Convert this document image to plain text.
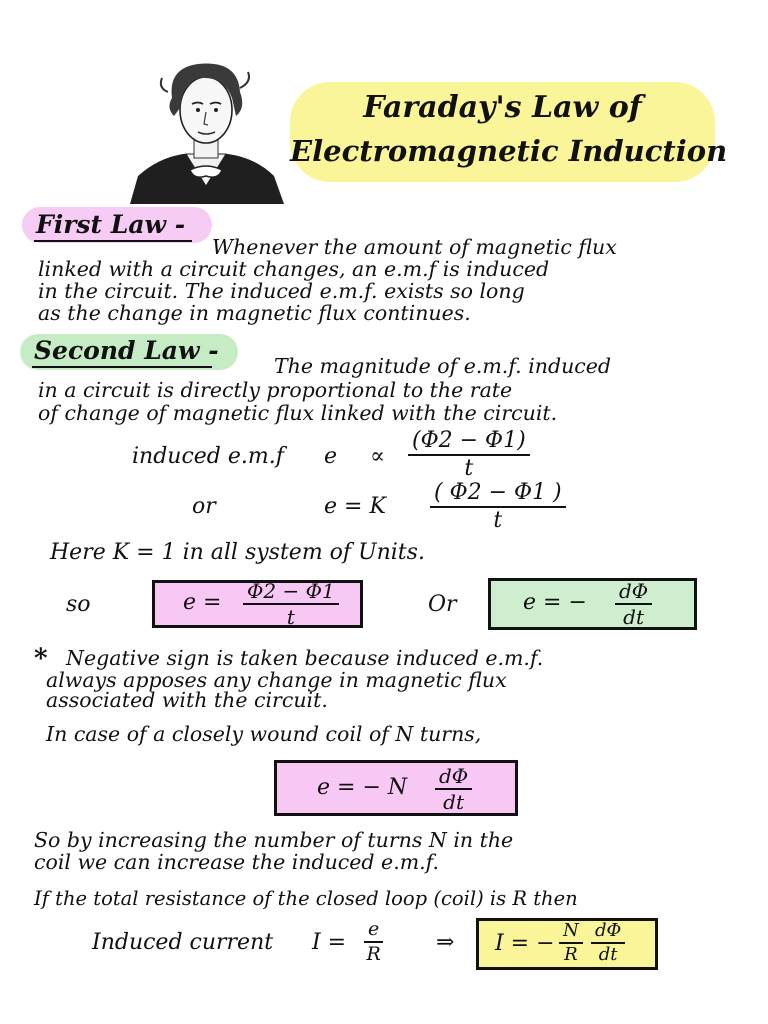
Faraday's Law of
Electromagnetic Induction
First Law -
Whenever the amount of magnetic flux
linked with a circuit changes, an e.m.f is induced
in the circuit. The induced e.m.f. exists so long
as the change in magnetic flux continues.
Second Law -
The magnitude of e.m.f. induced
in a circuit is directly proportional to the rate
of change of magnetic flux linked with the circuit.
induced e.m.f $e \propto \frac{(\Phi 2 - \Phi 1)}{t}$
or	e = K $\frac{( \Phi 2 - \Phi 1 )}{t}$
Here K = 1 in all system of Units.
so	$e = \frac{\Phi 2 - \Phi 1}{t}$	Or	e = − $\frac{d\Phi}{dt}$
* Negative sign is taken because induced e.m.f.
always apposes any change in magnetic flux
associated with the circuit.
In case of a closely wound coil of N turns,
e = − N $\frac{d\Phi}{dt}$
So by increasing the number of turns N in the
coil we can increase the induced e.m.f.
If the total resistance of the closed loop (coil) is R then
Induced current $I = \frac{e}{R}$ ⇒ I = − $\frac{N}{R} \frac{d\Phi}{dt}$
